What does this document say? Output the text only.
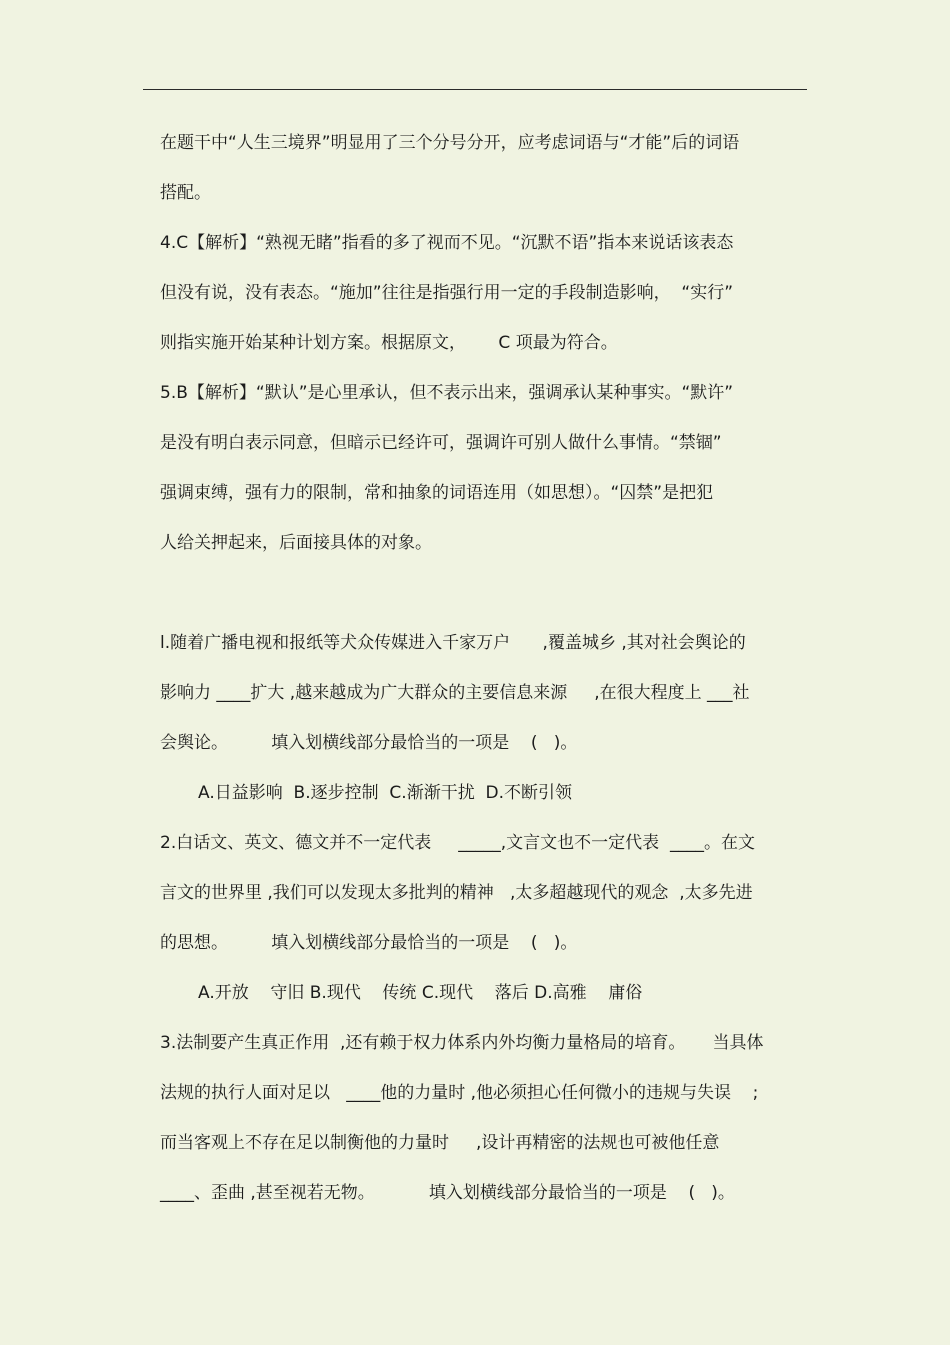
在题干中“人生三境界”明显用了三个分号分开，应考虑词语与“才能”后的词语
搭配。
4.C【解析】“熟视无睹”指看的多了视而不见。“沉默不语”指本来说话该表态
但没有说，没有表态。“施加”往往是指强行用一定的手段制造影响，  “实行”
则指实施开始某种计划方案。根据原文，      C 项最为符合。
5.B【解析】“默认”是心里承认，但不表示出来，强调承认某种事实。“默许”
是没有明白表示同意，但暗示已经许可，强调许可别人做什么事情。“禁锢”
强调束缚，强有力的限制，常和抽象的词语连用（如思想）。“囚禁”是把犯
人给关押起来，后面接具体的对象。
l.随着广播电视和报纸等犬众传媒进入千家万户      ,覆盖城乡 ,其对社会舆论的
影响力 ____扩大 ,越来越成为广大群众的主要信息来源     ,在很大程度上 ___社
会舆论。        填入划横线部分最恰当的一项是    (   )。
A.日益影响  B.逐步控制  C.渐渐干扰  D.不断引领
2.白话文、英文、德文并不一定代表     _____,文言文也不一定代表  ____。在文
言文的世界里 ,我们可以发现太多批判的精神   ,太多超越现代的观念  ,太多先进
的思想。        填入划横线部分最恰当的一项是    (   )。
A.开放    守旧 B.现代    传统 C.现代    落后 D.高雅    庸俗
3.法制要产生真正作用  ,还有赖于权力体系内外均衡力量格局的培育。     当具体
法规的执行人面对足以   ____他的力量时 ,他必须担心任何微小的违规与失误    ;
而当客观上不存在足以制衡他的力量时     ,设计再精密的法规也可被他任意
____、歪曲 ,甚至视若无物。          填入划横线部分最恰当的一项是    (   )。
